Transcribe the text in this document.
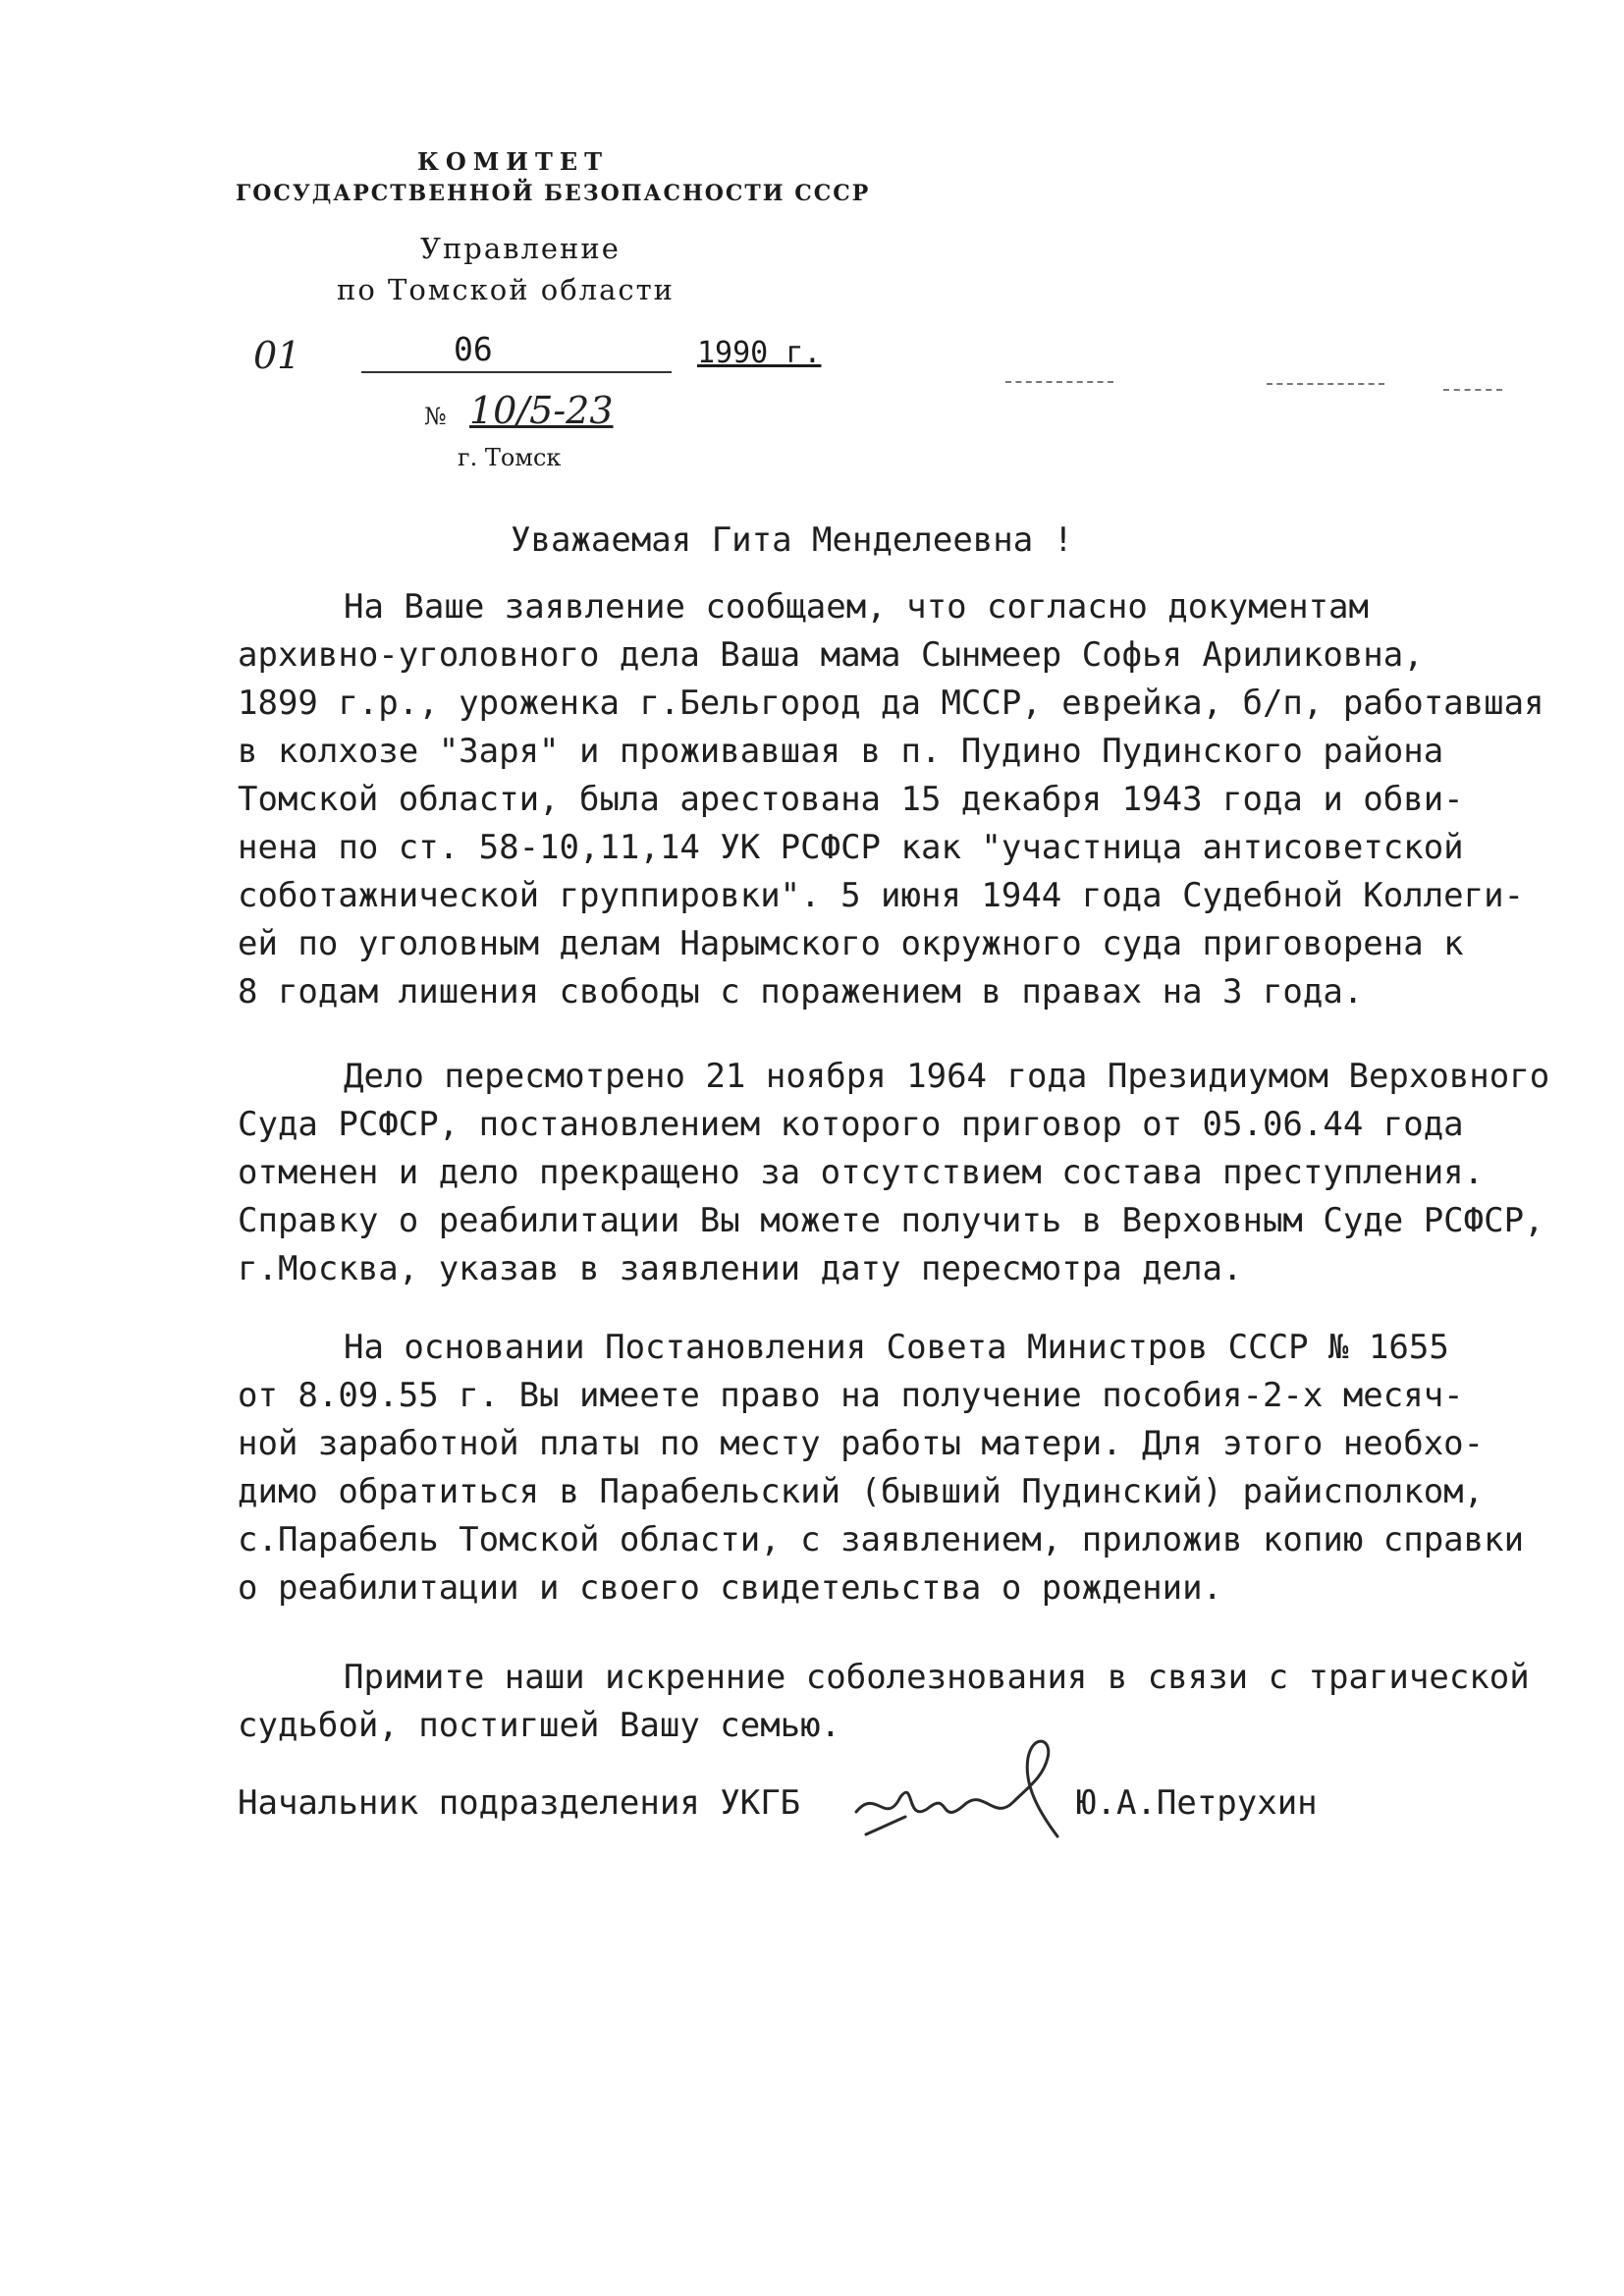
КОМИТЕТ
ГОСУДАРСТВЕННОЙ БЕЗОПАСНОСТИ СССР
Управление
по Томской области
01	06	1990 г.
№ 10/5-23
г. Томск
Уважаемая Гита Менделеевна !
На Ваше заявление сообщаем, что согласно документам
архивно-уголовного дела Ваша мама Сынмеер Софья Ариликовна,
1899 г.р., уроженка г.Бельгород да МССР, еврейка, б/п, работавшая
в колхозе "Заря" и проживавшая в п. Пудино Пудинского района
Томской области, была арестована 15 декабря 1943 года и обви-
нена по ст. 58-10,11,14 УК РСФСР как "участница антисоветской
соботажнической группировки". 5 июня 1944 года Судебной Коллеги-
ей по уголовным делам Нарымского окружного суда приговорена к
8 годам лишения свободы с поражением в правах на 3 года.
Дело пересмотрено 21 ноября 1964 года Президиумом Верховного
Суда РСФСР, постановлением которого приговор от 05.06.44 года
отменен и дело прекращено за отсутствием состава преступления.
Справку о реабилитации Вы можете получить в Верховным Суде РСФСР,
г.Москва, указав в заявлении дату пересмотра дела.
На основании Постановления Совета Министров СССР № 1655
от 8.09.55 г. Вы имеете право на получение пособия-2-х месяч-
ной заработной платы по месту работы матери. Для этого необхо-
димо обратиться в Парабельский (бывший Пудинский) райисполком,
с.Парабель Томской области, с заявлением, приложив копию справки
о реабилитации и своего свидетельства о рождении.
Примите наши искренние соболезнования в связи с трагической
судьбой, постигшей Вашу семью.
Начальник подразделения УКГБ	Ю.А.Петрухин
